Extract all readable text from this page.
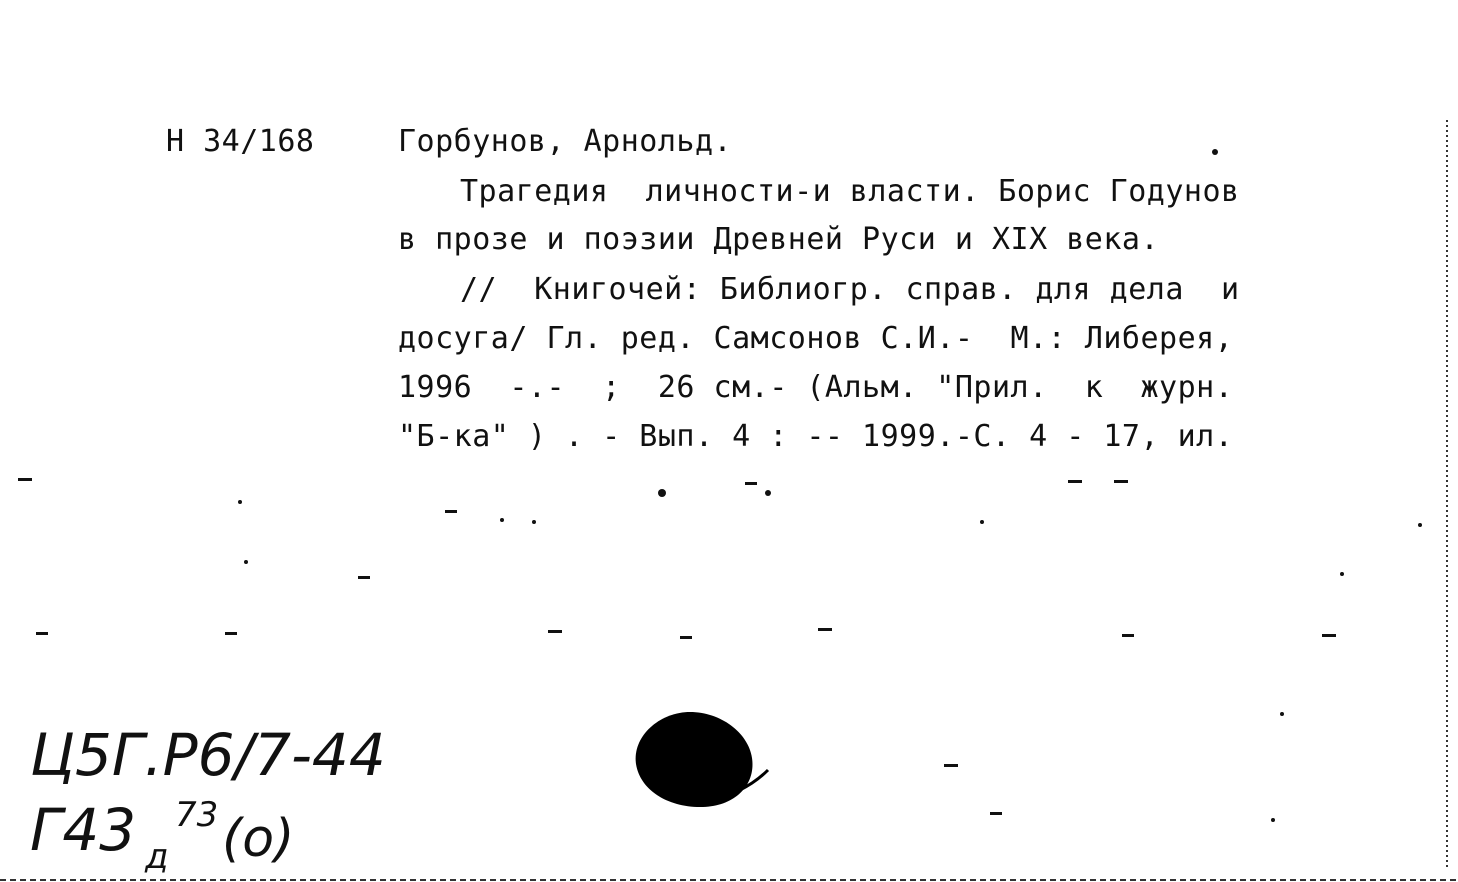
Н 34/168	Горбунов, Арнольд.
Трагедия  личности-и власти. Борис Годунов
в прозе и поэзии Древней Руси и XIX века.
//  Книгочей: Библиогр. справ. для дела  и
досуга/ Гл. ред. Самсонов С.И.-  М.: Либерея,
1996  -.-  ;  26 см.- (Альм. "Прил.  к  журн.
"Б-ка" ) . - Вып. 4 : -- 1999.-С. 4 - 17, ил.
Ц5Г.Р6/7-44
Г43 д
73 (о)
